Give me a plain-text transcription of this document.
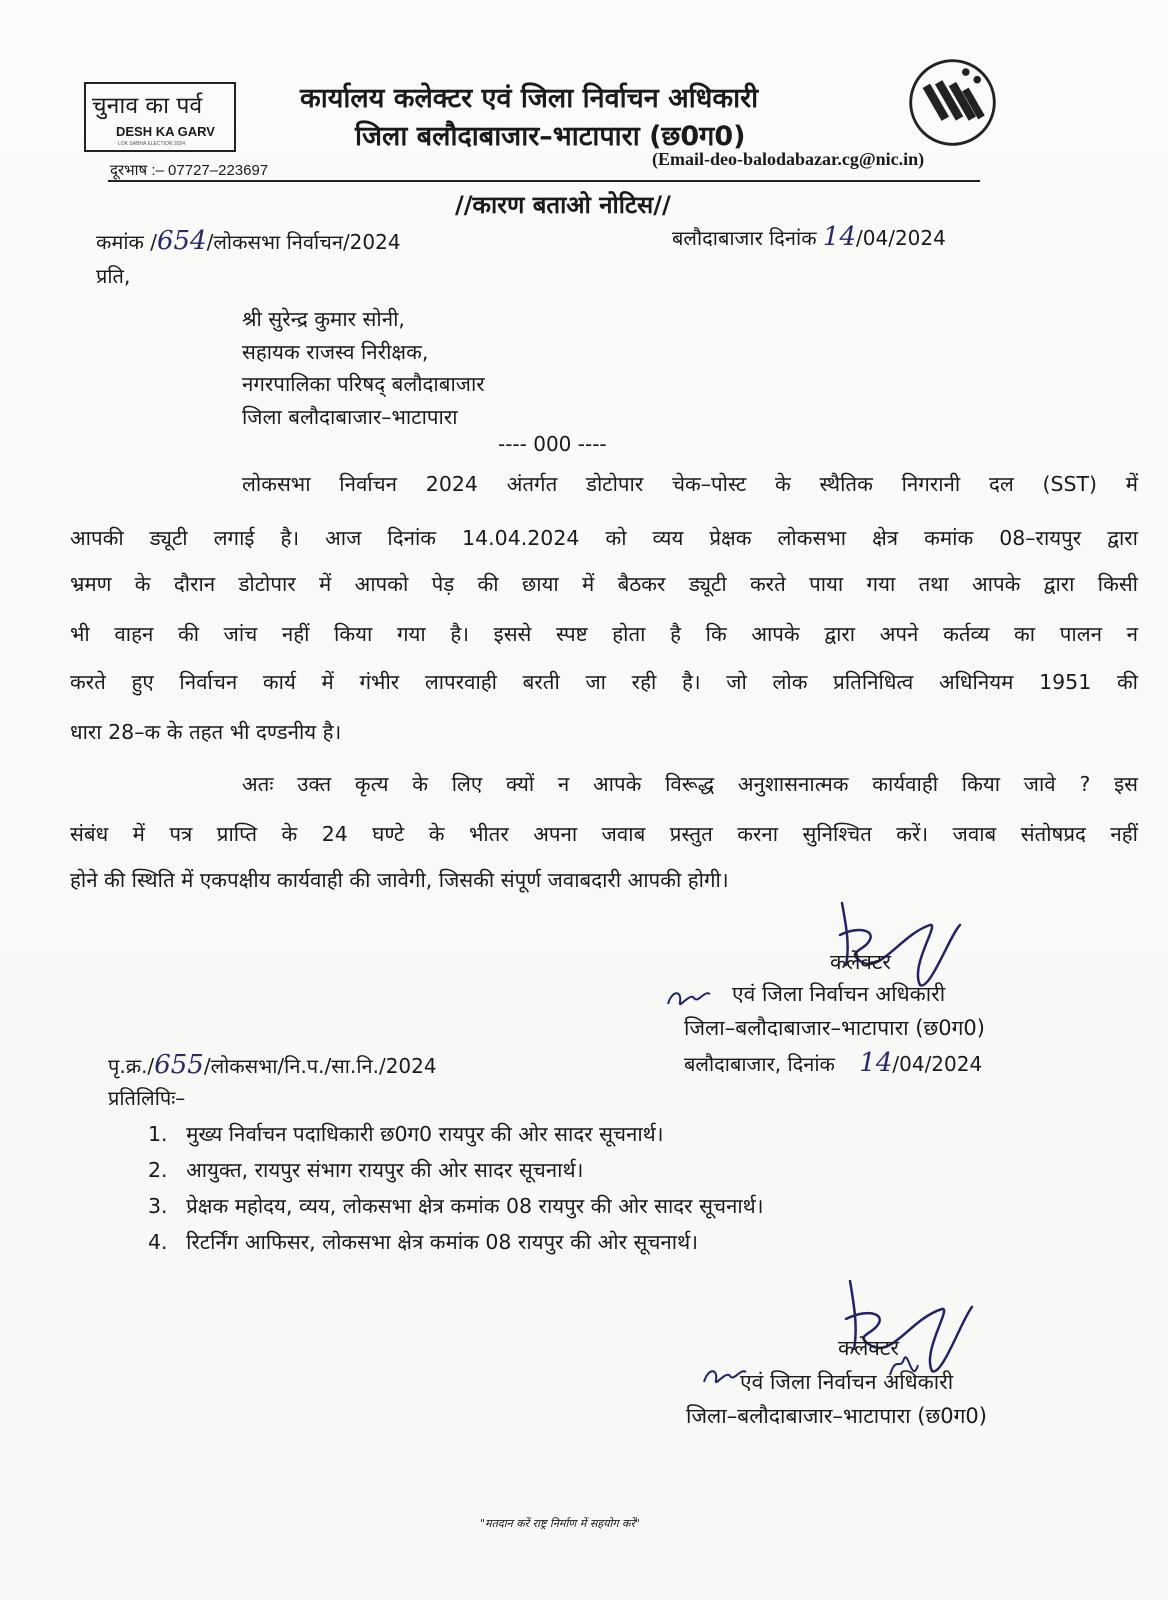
चुनाव का पर्व
DESH KA GARV
LOK SABHA ELECTION 2024
कार्यालय कलेक्टर एवं जिला निर्वाचन अधिकारी
जिला बलौदाबाजार–भाटापारा (छ0ग0)
दूरभाष :– 07727–223697
(Email-deo-balodabazar.cg@nic.in)
//कारण बताओ नोटिस//
कमांक /654/लोकसभा निर्वाचन/2024	बलौदाबाजार दिनांक 14/04/2024
प्रति,
श्री सुरेन्द्र कुमार सोनी,
सहायक राजस्व निरीक्षक,
नगरपालिका परिषद् बलौदाबाजार
जिला बलौदाबाजार–भाटापारा
---- 000 ----
लोकसभा निर्वाचन 2024 अंतर्गत डोटोपार चेक–पोस्ट के स्थैतिक निगरानी दल (SST) में
आपकी ड्यूटी लगाई है। आज दिनांक 14.04.2024 को व्यय प्रेक्षक लोकसभा क्षेत्र कमांक 08–रायपुर द्वारा
भ्रमण के दौरान डोटोपार में आपको पेड़ की छाया में बैठकर ड्यूटी करते पाया गया तथा आपके द्वारा किसी
भी वाहन की जांच नहीं किया गया है। इससे स्पष्ट होता है कि आपके द्वारा अपने कर्तव्य का पालन न
करते हुए निर्वाचन कार्य में गंभीर लापरवाही बरती जा रही है। जो लोक प्रतिनिधित्व अधिनियम 1951 की
धारा 28–क के तहत भी दण्डनीय है।
अतः उक्त कृत्य के लिए क्यों न आपके विरूद्ध अनुशासनात्मक कार्यवाही किया जावे ? इस
संबंध में पत्र प्राप्ति के 24 घण्टे के भीतर अपना जवाब प्रस्तुत करना सुनिश्चित करें। जवाब संतोषप्रद नहीं
होने की स्थिति में एकपक्षीय कार्यवाही की जावेगी, जिसकी संपूर्ण जवाबदारी आपकी होगी।
कलेक्टर
एवं जिला निर्वाचन अधिकारी
जिला–बलौदाबाजार–भाटापारा (छ0ग0)
पृ.क्र./655/लोकसभा/नि.प./सा.नि./2024	बलौदाबाजार, दिनांक 14/04/2024
प्रतिलिपिः–
1. मुख्य निर्वाचन पदाधिकारी छ0ग0 रायपुर की ओर सादर सूचनार्थ।
2. आयुक्त, रायपुर संभाग रायपुर की ओर सादर सूचनार्थ।
3. प्रेक्षक महोदय, व्यय, लोकसभा क्षेत्र कमांक 08 रायपुर की ओर सादर सूचनार्थ।
4. रिटर्निंग आफिसर, लोकसभा क्षेत्र कमांक 08 रायपुर की ओर सूचनार्थ।
कलेक्टर
एवं जिला निर्वाचन अधिकारी
जिला–बलौदाबाजार–भाटापारा (छ0ग0)
"मतदान करें राष्ट्र निर्माण में सहयोग करें"
